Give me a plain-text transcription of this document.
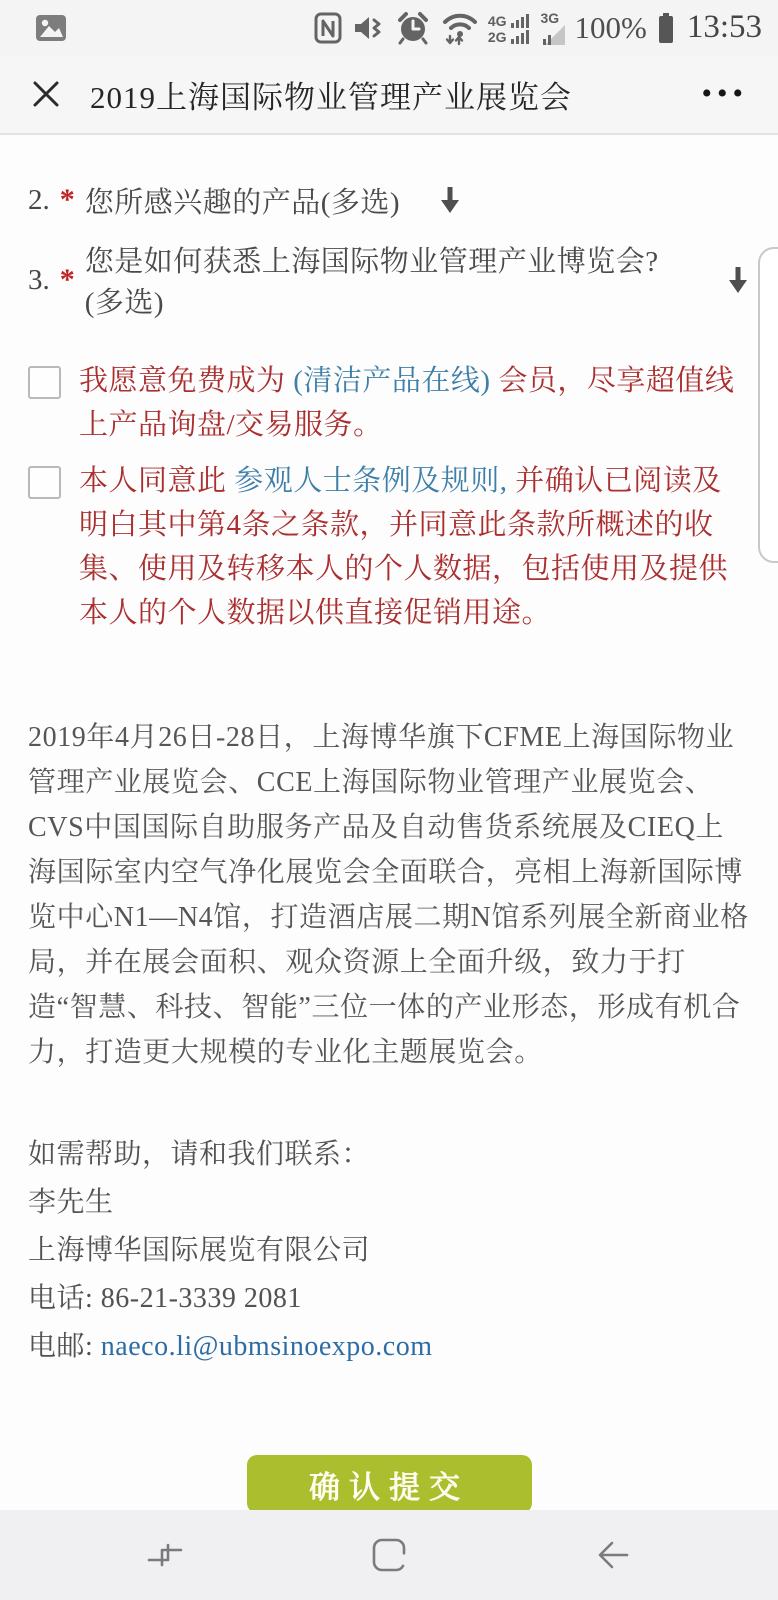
4G
2G
3G 100% 13:53
2019上海国际物业管理产业展览会	•••
2. * 您所感兴趣的产品(多选)
3. *
您是如何获悉上海国际物业管理产业博览会? (多选)

我愿意免费成为 (清洁产品在线) 会员，尽享超值线上产品询盘/交易服务。

本人同意此 参观人士条例及规则, 并确认已阅读及明白其中第4条之条款，并同意此条款所概述的收集、使用及转移本人的个人数据，包括使用及提供本人的个人数据以供直接促销用途。

2019年4月26日-28日，上海博华旗下CFME上海国际物业管理产业展览会、CCE上海国际物业管理产业展览会、CVS中国国际自助服务产品及自动售货系统展及CIEQ上海国际室内空气净化展览会全面联合，亮相上海新国际博览中心N1—N4馆，打造酒店展二期N馆系列展全新商业格局，并在展会面积、观众资源上全面升级，致力于打造“智慧、科技、智能”三位一体的产业形态，形成有机合力，打造更大规模的专业化主题展览会。

如需帮助，请和我们联系：

李先生

上海博华国际展览有限公司

电话: 86-21-3339 2081

电邮: naeco.li@ubmsinoexpo.com

确认提交
